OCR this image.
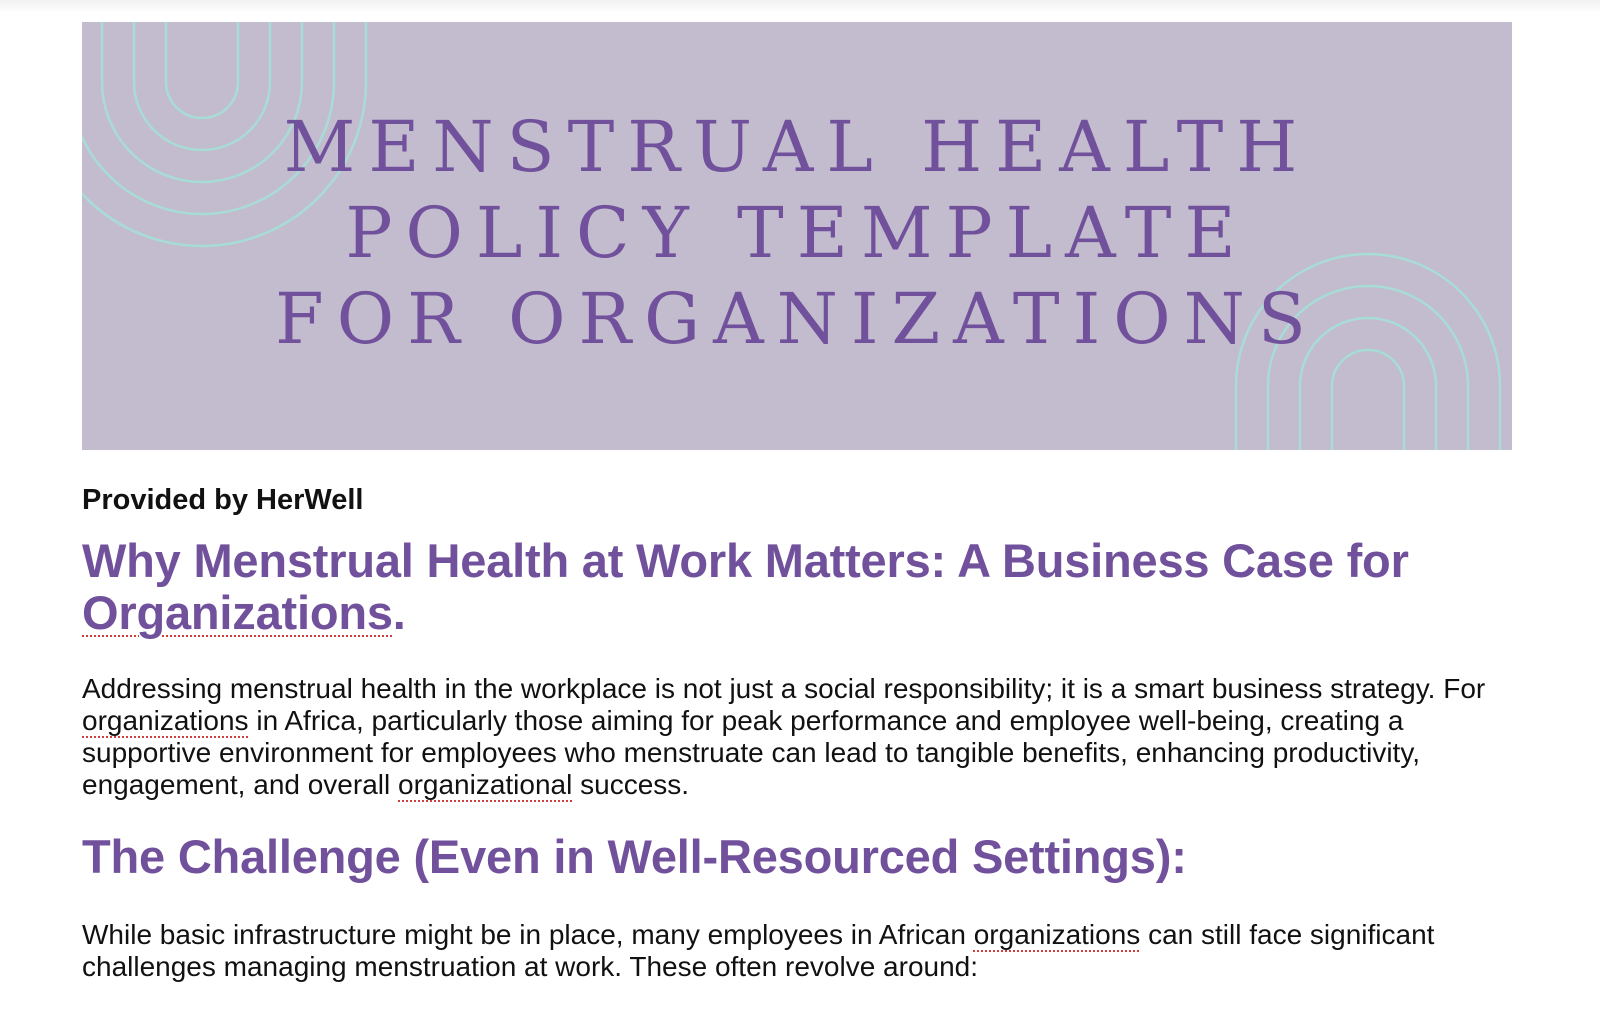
MENSTRUAL HEALTH
POLICY TEMPLATE
FOR ORGANIZATIONS
Provided by HerWell
Why Menstrual Health at Work Matters: A Business Case for Organizations.

Addressing menstrual health in the workplace is not just a social responsibility; it is a smart business strategy. For organizations in Africa, particularly those aiming for peak performance and employee well-being, creating a supportive environment for employees who menstruate can lead to tangible benefits, enhancing productivity, engagement, and overall organizational success.

The Challenge (Even in Well-Resourced Settings):

While basic infrastructure might be in place, many employees in African organizations can still face significant challenges managing menstruation at work. These often revolve around:
